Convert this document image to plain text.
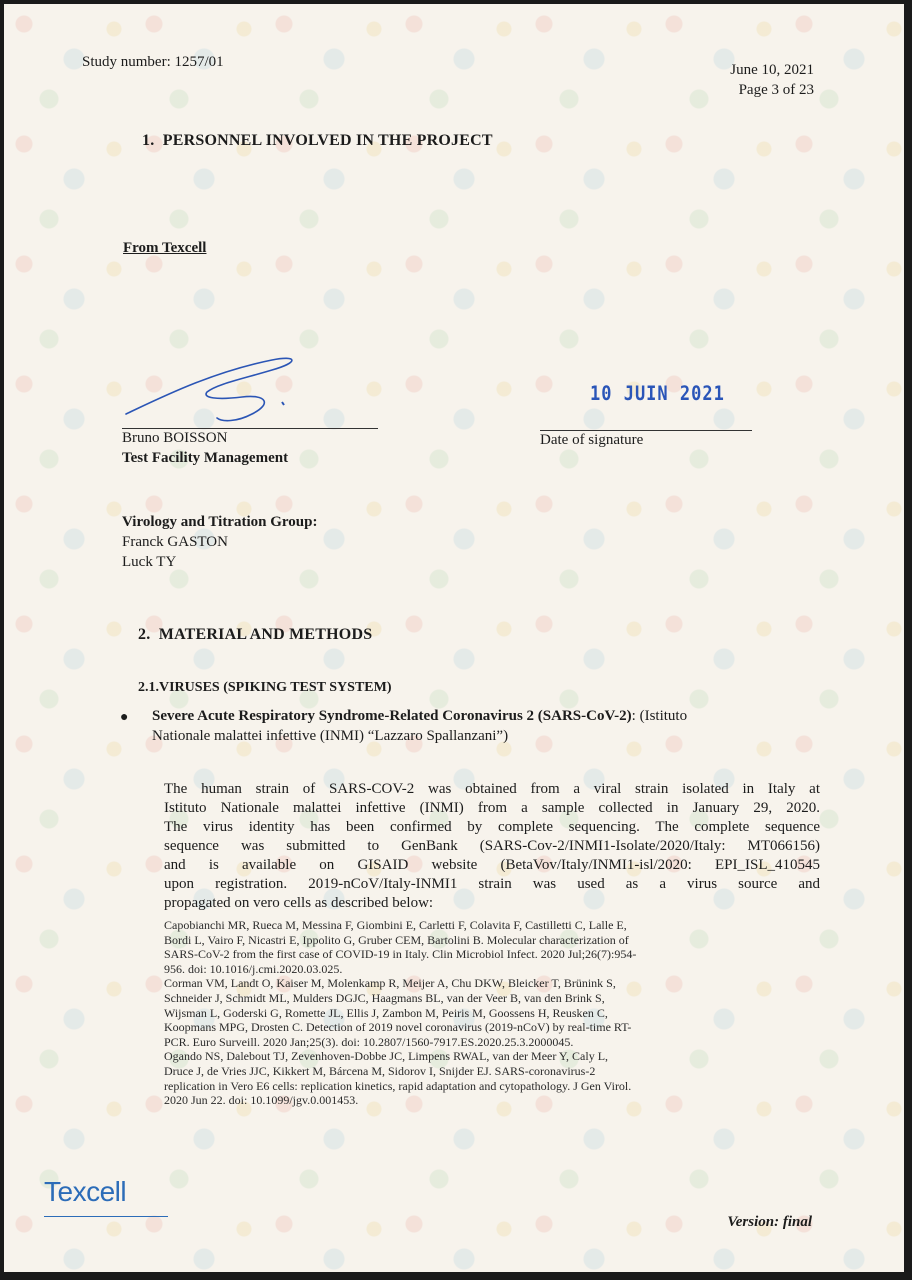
Study number: 1257/01	June 10, 2021
Page 3 of 23
1.  PERSONNEL INVOLVED IN THE PROJECT
From Texcell
Bruno BOISSON
Test Facility Management
10 JUIN 2021
Date of signature
Virology and Titration Group:
Franck GASTON
Luck TY
2.  MATERIAL AND METHODS
2.1.VIRUSES (SPIKING TEST SYSTEM)
● Severe Acute Respiratory Syndrome-Related Coronavirus 2 (SARS-CoV-2): (Istituto
Nationale malattei infettive (INMI) “Lazzaro Spallanzani”)
The human strain of SARS-COV-2 was obtained from a viral strain isolated in Italy at
Istituto Nationale malattei infettive (INMI) from a sample collected in January 29, 2020.
The virus identity has been confirmed by complete sequencing. The complete sequence
sequence was submitted to GenBank (SARS-Cov-2/INMI1-Isolate/2020/Italy: MT066156)
and is available on GISAID website (BetaVov/Italy/INMI1-isl/2020: EPI_ISL_410545
upon registration. 2019-nCoV/Italy-INMI1 strain was used as a virus source and
propagated on vero cells as described below:
Capobianchi MR, Rueca M, Messina F, Giombini E, Carletti F, Colavita F, Castilletti C, Lalle E,
Bordi L, Vairo F, Nicastri E, Ippolito G, Gruber CEM, Bartolini B. Molecular characterization of
SARS-CoV-2 from the first case of COVID-19 in Italy. Clin Microbiol Infect. 2020 Jul;26(7):954-
956. doi: 10.1016/j.cmi.2020.03.025.
Corman VM, Landt O, Kaiser M, Molenkamp R, Meijer A, Chu DKW, Bleicker T, Brünink S,
Schneider J, Schmidt ML, Mulders DGJC, Haagmans BL, van der Veer B, van den Brink S,
Wijsman L, Goderski G, Romette JL, Ellis J, Zambon M, Peiris M, Goossens H, Reusken C,
Koopmans MPG, Drosten C. Detection of 2019 novel coronavirus (2019-nCoV) by real-time RT-
PCR. Euro Surveill. 2020 Jan;25(3). doi: 10.2807/1560-7917.ES.2020.25.3.2000045.
Ogando NS, Dalebout TJ, Zevenhoven-Dobbe JC, Limpens RWAL, van der Meer Y, Caly L,
Druce J, de Vries JJC, Kikkert M, Bárcena M, Sidorov I, Snijder EJ. SARS-coronavirus-2
replication in Vero E6 cells: replication kinetics, rapid adaptation and cytopathology. J Gen Virol.
2020 Jun 22. doi: 10.1099/jgv.0.001453.
Texcell
Version: final
